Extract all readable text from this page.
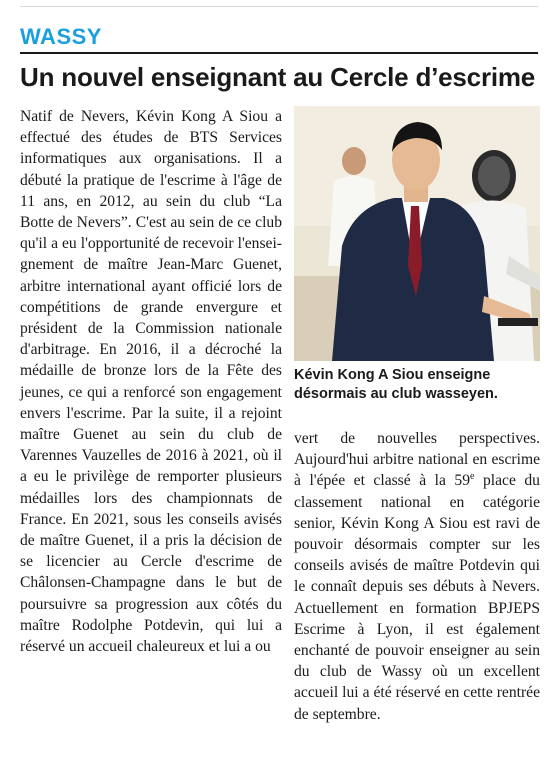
WASSY
Un nouvel enseignant au Cercle d’escrime

Natif de Nevers, Kévin Kong A Siou a effectué des études de BTS Services informatiques aux organisations. Il a débuté la pratique de l'escrime à l'âge de 11 ans, en 2012, au sein du club “La Botte de Nevers”. C'est au sein de ce club qu'il a eu l'opportunité de recevoir l'enseignement de maître Jean-Marc Guenet, arbitre international ayant officié lors de compétitions de grande envergure et président de la Commission nationale d'arbitrage. En 2016, il a décroché la médaille de bronze lors de la Fête des jeunes, ce qui a renforcé son engagement envers l'escrime. Par la suite, il a rejoint maître Guenet au sein du club de Varennes Vauzelles de 2016 à 2021, où il a eu le privilège de remporter plusieurs médailles lors des championnats de France. En 2021, sous les conseils avisés de maître Guenet, il a pris la décision de se licencier au Cercle d'escrime de Châlonsen-Champagne dans le but de poursuivre sa progression aux côtés du maître Rodolphe Potdevin, qui lui a réservé un accueil chaleureux et lui a ou

Kévin Kong A Siou enseigne désormais au club wasseyen.

vert de nouvelles perspectives. Aujourd'hui arbitre national en escrime à l'épée et classé à la 59e place du classement national en catégorie senior, Kévin Kong A Siou est ravi de pouvoir désormais compter sur les conseils avisés de maître Potdevin qui le connaît depuis ses débuts à Nevers. Actuellement en formation BPJEPS Escrime à Lyon, il est également enchanté de pouvoir enseigner au sein du club de Wassy où un excellent accueil lui a été réservé en cette rentrée de septembre.
